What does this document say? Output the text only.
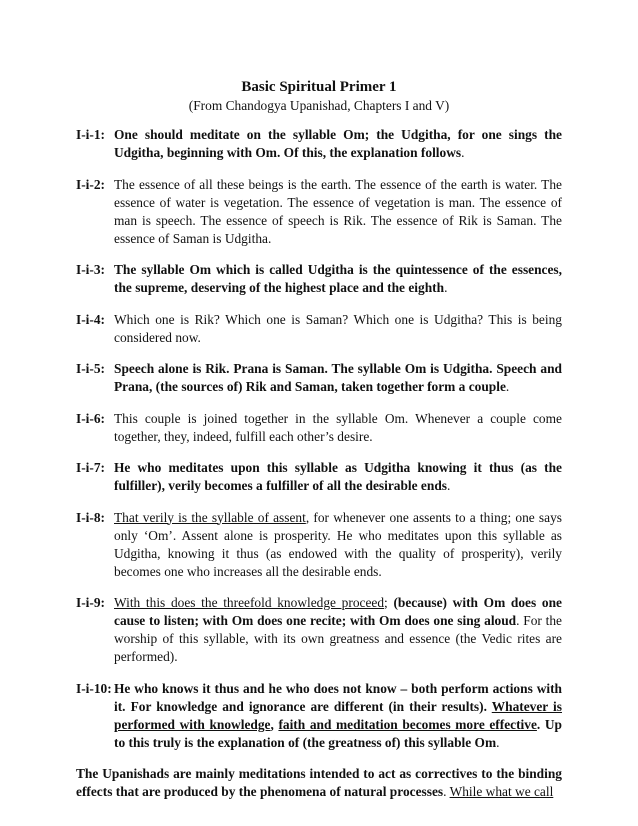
Basic Spiritual Primer 1
(From Chandogya Upanishad, Chapters I and V)
I-i-1: One should meditate on the syllable Om; the Udgitha, for one sings the Udgitha, beginning with Om. Of this, the explanation follows.
I-i-2: The essence of all these beings is the earth. The essence of the earth is water. The essence of water is vegetation. The essence of vegetation is man. The essence of man is speech. The essence of speech is Rik. The essence of Rik is Saman. The essence of Saman is Udgitha.
I-i-3: The syllable Om which is called Udgitha is the quintessence of the essences, the supreme, deserving of the highest place and the eighth.
I-i-4: Which one is Rik? Which one is Saman? Which one is Udgitha? This is being considered now.
I-i-5: Speech alone is Rik. Prana is Saman. The syllable Om is Udgitha. Speech and Prana, (the sources of) Rik and Saman, taken together form a couple.
I-i-6: This couple is joined together in the syllable Om. Whenever a couple come together, they, indeed, fulfill each other’s desire.
I-i-7: He who meditates upon this syllable as Udgitha knowing it thus (as the fulfiller), verily becomes a fulfiller of all the desirable ends.
I-i-8: That verily is the syllable of assent, for whenever one assents to a thing; one says only ‘Om’. Assent alone is prosperity. He who meditates upon this syllable as Udgitha, knowing it thus (as endowed with the quality of prosperity), verily becomes one who increases all the desirable ends.
I-i-9: With this does the threefold knowledge proceed; (because) with Om does one cause to listen; with Om does one recite; with Om does one sing aloud. For the worship of this syllable, with its own greatness and essence (the Vedic rites are performed).
I-i-10: He who knows it thus and he who does not know – both perform actions with it. For knowledge and ignorance are different (in their results). Whatever is performed with knowledge, faith and meditation becomes more effective. Up to this truly is the explanation of (the greatness of) this syllable Om.
The Upanishads are mainly meditations intended to act as correctives to the binding effects that are produced by the phenomena of natural processes. While what we call
